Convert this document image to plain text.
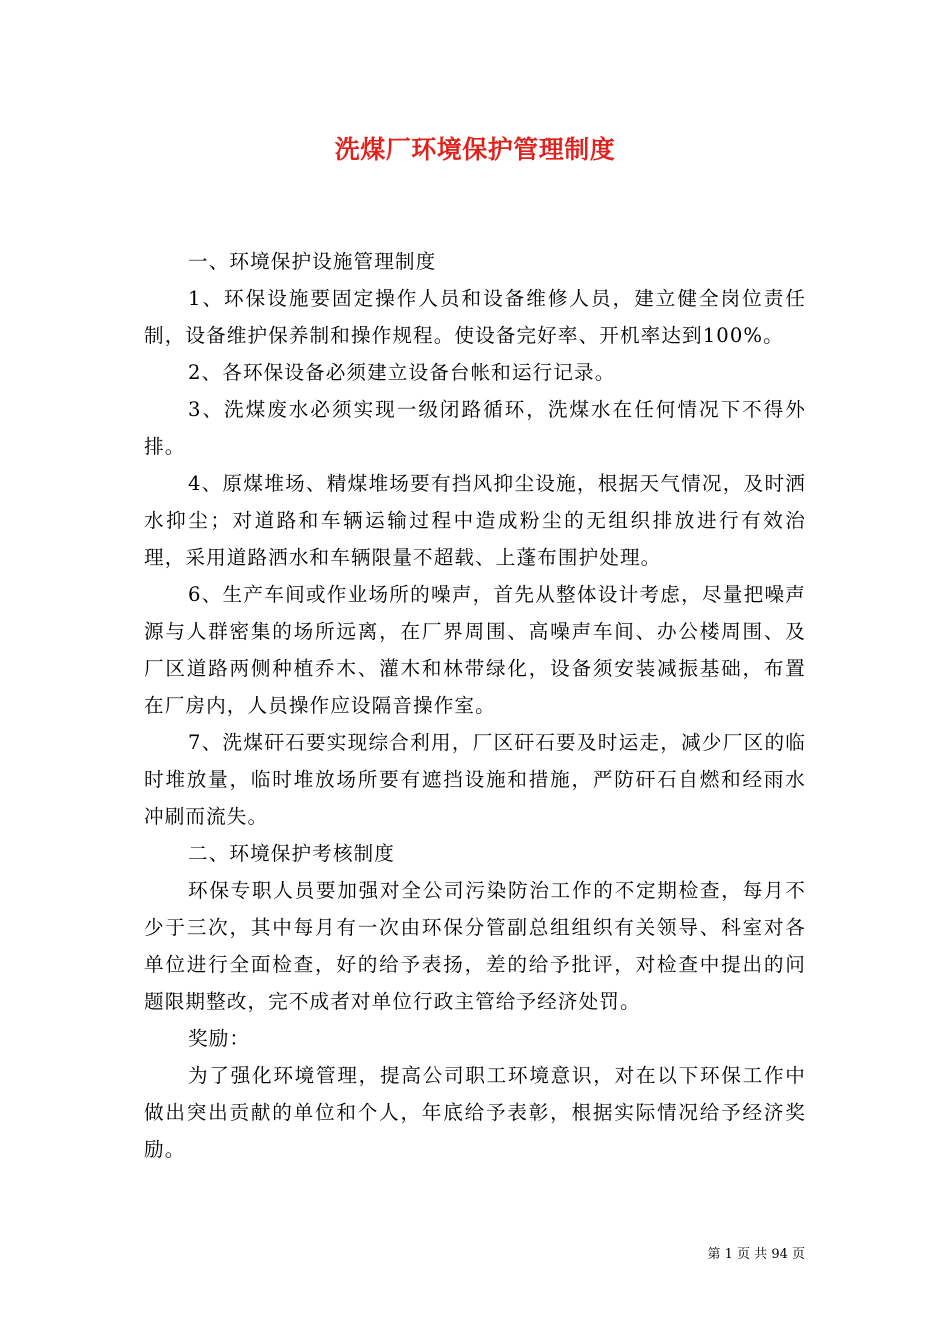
洗煤厂环境保护管理制度

一、环境保护设施管理制度

1、环保设施要固定操作人员和设备维修人员，建立健全岗位责任制，设备维护保养制和操作规程。使设备完好率、开机率达到100%。

2、各环保设备必须建立设备台帐和运行记录。

3、洗煤废水必须实现一级闭路循环，洗煤水在任何情况下不得外排。

4、原煤堆场、精煤堆场要有挡风抑尘设施，根据天气情况，及时洒水抑尘；对道路和车辆运输过程中造成粉尘的无组织排放进行有效治理，采用道路洒水和车辆限量不超载、上蓬布围护处理。

6、生产车间或作业场所的噪声，首先从整体设计考虑，尽量把噪声源与人群密集的场所远离，在厂界周围、高噪声车间、办公楼周围、及厂区道路两侧种植乔木、灌木和林带绿化，设备须安装减振基础，布置在厂房内，人员操作应设隔音操作室。

7、洗煤矸石要实现综合利用，厂区矸石要及时运走，减少厂区的临时堆放量，临时堆放场所要有遮挡设施和措施，严防矸石自燃和经雨水冲刷而流失。

二、环境保护考核制度

环保专职人员要加强对全公司污染防治工作的不定期检查，每月不少于三次，其中每月有一次由环保分管副总组组织有关领导、科室对各单位进行全面检查，好的给予表扬，差的给予批评，对检查中提出的问题限期整改，完不成者对单位行政主管给予经济处罚。

奖励：

为了强化环境管理，提高公司职工环境意识，对在以下环保工作中做出突出贡献的单位和个人，年底给予表彰，根据实际情况给予经济奖励。

第 1 页 共 94 页
